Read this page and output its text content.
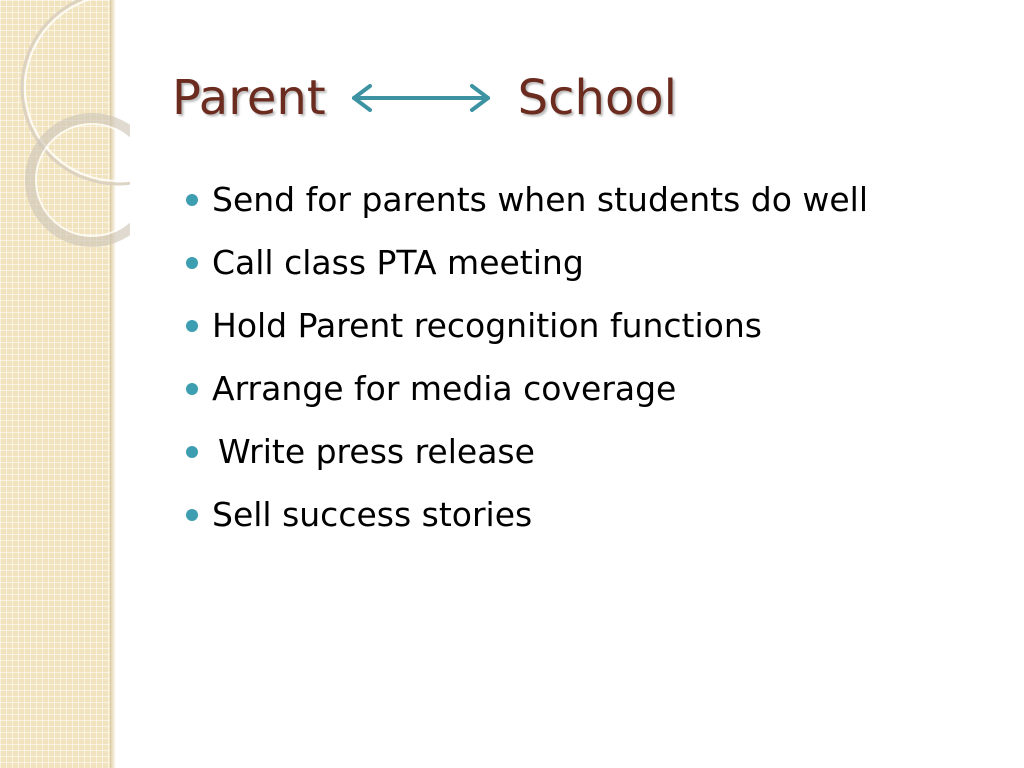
Parent	School
Send for parents when students do well
Call class PTA meeting
Hold Parent recognition functions
Arrange for media coverage
Write press release
Sell success stories
